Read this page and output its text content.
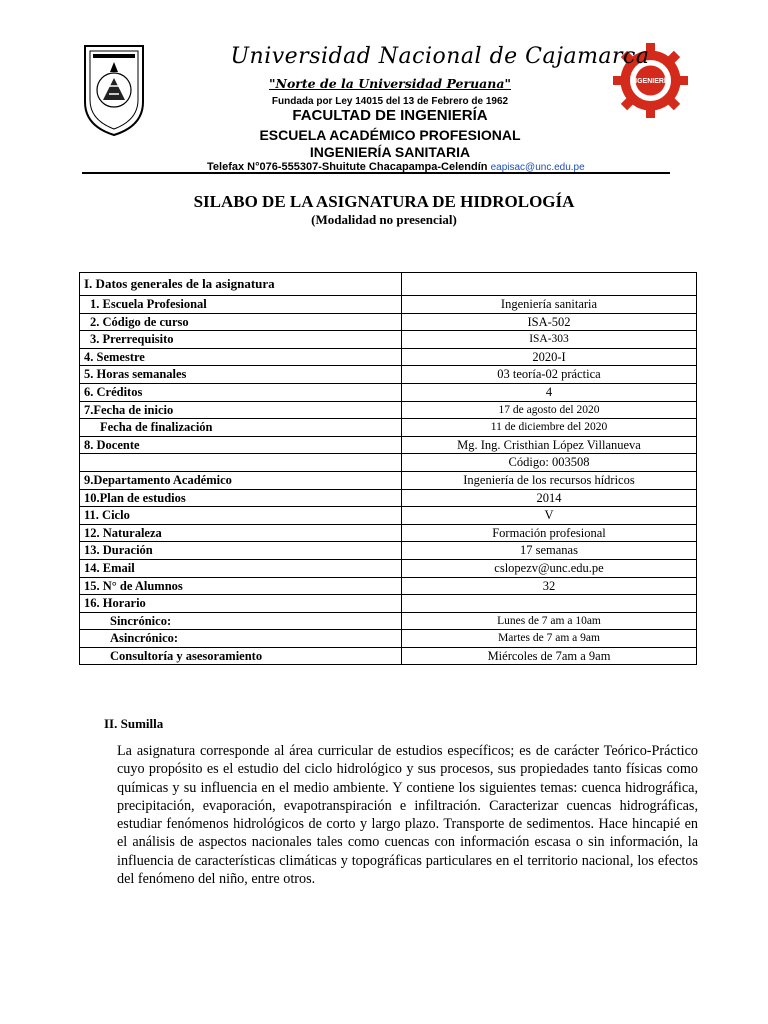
INGENIERÍA
Universidad Nacional de Cajamarca
"Norte de la Universidad Peruana"
Fundada por Ley 14015 del 13 de Febrero de 1962
FACULTAD DE INGENIERÍA
ESCUELA ACADÉMICO PROFESIONAL
INGENIERÍA SANITARIA
Telefax N°076-555307-Shuitute Chacapampa-Celendín eapisac@unc.edu.pe
SILABO DE LA ASIGNATURA DE HIDROLOGÍA
(Modalidad no presencial)
I. Datos generales de la asignatura	
1. Escuela Profesional	Ingeniería sanitaria
2. Código de curso	ISA-502
3. Prerrequisito	ISA-303
4. Semestre	2020-I
5. Horas semanales	03 teoría-02 práctica
6. Créditos	4
7.Fecha de inicio	17 de agosto del 2020
Fecha de finalización	11 de diciembre del 2020
8. Docente	Mg. Ing. Cristhian López Villanueva
	Código: 003508
9.Departamento Académico	Ingeniería de los recursos hídricos
10.Plan de estudios	2014
11. Ciclo	V
12. Naturaleza	Formación profesional
13. Duración	17 semanas
14. Email	cslopezv@unc.edu.pe
15. N° de Alumnos	32
16. Horario	
Sincrónico:	Lunes de 7 am a 10am
Asincrónico:	Martes de 7 am a 9am
Consultoría y asesoramiento	Miércoles de 7am a 9am
II. Sumilla
La asignatura corresponde al área curricular de estudios específicos; es de carácter Teórico-Práctico cuyo propósito es el estudio del ciclo hidrológico y sus procesos, sus propiedades tanto físicas como químicas y su influencia en el medio ambiente. Y contiene los siguientes temas: cuenca hidrográfica, precipitación, evaporación, evapotranspiración e infiltración. Caracterizar cuencas hidrográficas, estudiar fenómenos hidrológicos de corto y largo plazo. Transporte de sedimentos. Hace hincapié en el análisis de aspectos nacionales tales como cuencas con información escasa o sin información, la influencia de características climáticas y topográficas particulares en el territorio nacional, los efectos del fenómeno del niño, entre otros.
